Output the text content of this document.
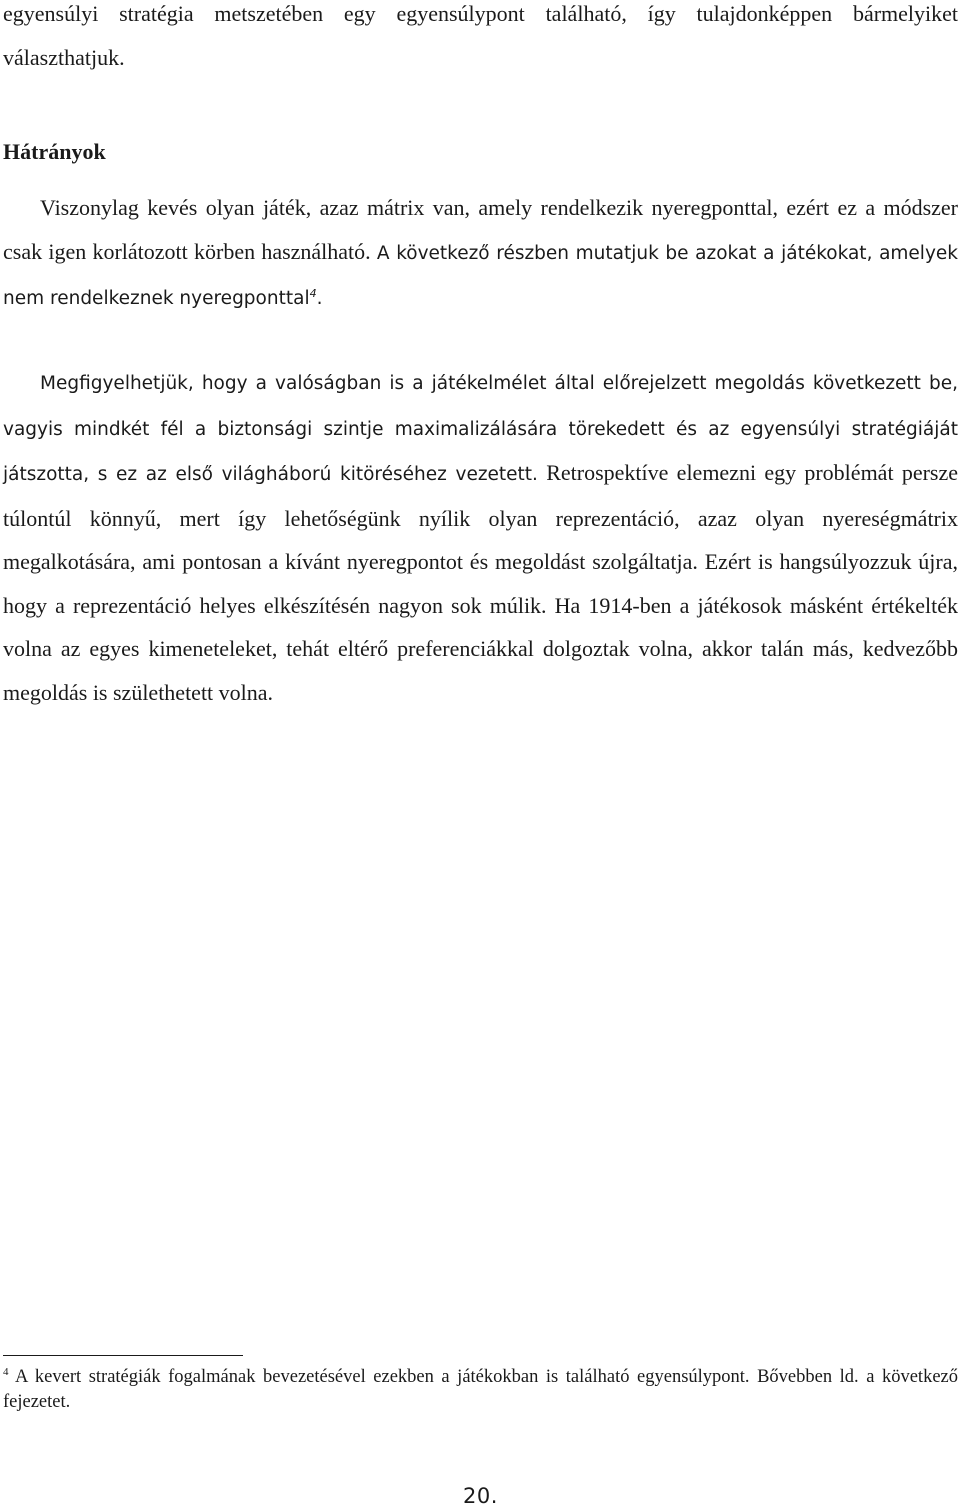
egyensúlyi stratégia metszetében egy egyensúlypont található, így tulajdonképpen bármelyiket választhatjuk.

Hátrányok

Viszonylag kevés olyan játék, azaz mátrix van, amely rendelkezik nyeregponttal, ezért ez a módszer csak igen korlátozott körben használható. A következő részben mutatjuk be azokat a játékokat, amelyek nem rendelkeznek nyeregponttal$^4$.

Megfigyelhetjük, hogy a valóságban is a játékelmélet által előrejelzett megoldás következett be, vagyis mindkét fél a biztonsági szintje maximalizálására törekedett és az egyensúlyi stratégiáját játszotta, s ez az első világháború kitöréséhez vezetett. Retrospektíve elemezni egy problémát persze túlontúl könnyű, mert így lehetőségünk nyílik olyan reprezentáció, azaz olyan nyereségmátrix megalkotására, ami pontosan a kívánt nyeregpontot és megoldást szolgáltatja. Ezért is hangsúlyozzuk újra, hogy a reprezentáció helyes elkészítésén nagyon sok múlik. Ha 1914-ben a játékosok másként értékelték volna az egyes kimeneteleket, tehát eltérő preferenciákkal dolgoztak volna, akkor talán más, kedvezőbb megoldás is születhetett volna.

$^4$ A kevert stratégiák fogalmának bevezetésével ezekben a játékokban is található egyensúlypont. Bővebben ld. a következő fejezetet.

20.
